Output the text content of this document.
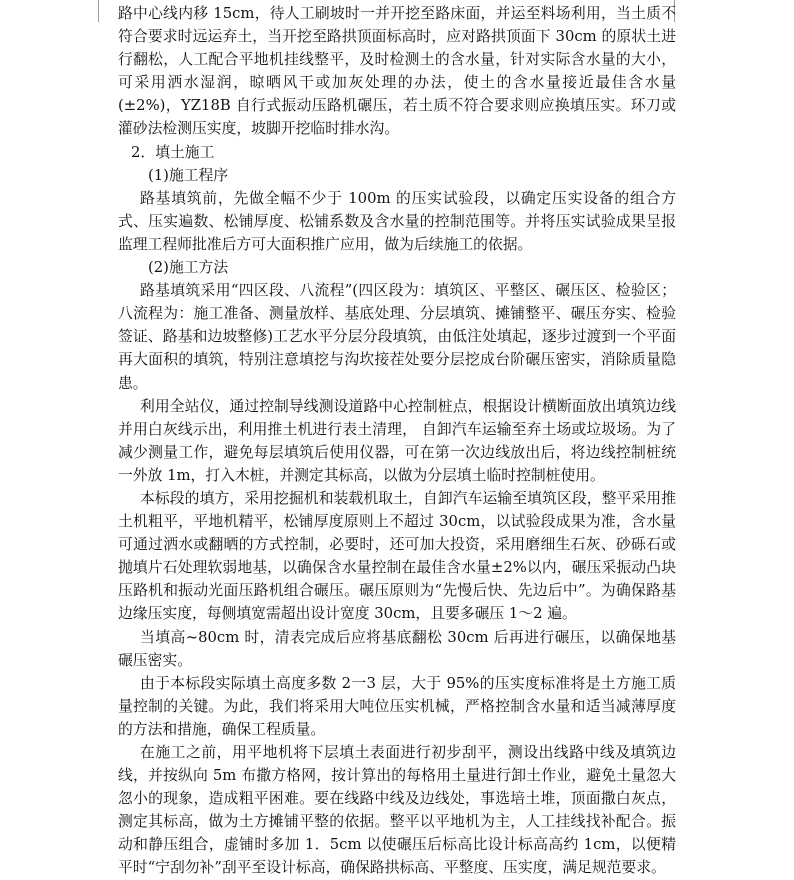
路中心线内移 15cm，待人工刷坡时一并开挖至路床面，并运至料场利用，当土质不符合要求时远运弃土，当开挖至路拱顶面标高时，应对路拱顶面下 30cm 的原状土进行翻松，人工配合平地机挂线整平，及时检测土的含水量，针对实际含水量的大小，可采用洒水湿润，晾晒风干或加灰处理的办法，使土的含水量接近最佳含水量(±2%)，YZ18B 自行式振动压路机碾压，若土质不符合要求则应换填压实。环刀或灌砂法检测压实度，坡脚开挖临时排水沟。

2．填土施工

(1)施工程序

路基填筑前，先做全幅不少于 100m 的压实试验段，以确定压实设备的组合方式、压实遍数、松铺厚度、松铺系数及含水量的控制范围等。并将压实试验成果呈报监理工程师批准后方可大面积推广应用，做为后续施工的依据。

(2)施工方法

路基填筑采用“四区段、八流程”(四区段为：填筑区、平整区、碾压区、检验区；八流程为：施工准备、测量放样、基底处理、分层填筑、摊铺整平、碾压夯实、检验签证、路基和边坡整修)工艺水平分层分段填筑，由低注处填起，逐步过渡到一个平面再大面积的填筑，特别注意填挖与沟坎接茬处要分层挖成台阶碾压密实，消除质量隐患。

利用全站仪，通过控制导线测设道路中心控制桩点，根据设计横断面放出填筑边线并用白灰线示出，利用推土机进行表土清理， 自卸汽车运输至弃土场或垃圾场。为了减少测量工作，避免每层填筑后使用仪器，可在第一次边线放出后，将边线控制桩统一外放 1m，打入木桩，并测定其标高，以做为分层填土临时控制桩使用。

本标段的填方，采用挖掘机和装载机取土，自卸汽车运输至填筑区段，整平采用推土机粗平，平地机精平，松铺厚度原则上不超过 30cm，以试验段成果为准，含水量可通过洒水或翻晒的方式控制，必要时，还可加大投资，采用磨细生石灰、砂砾石或抛填片石处理软弱地基，以确保含水量控制在最佳含水量±2%以内，碾压采振动凸块压路机和振动光面压路机组合碾压。碾压原则为“先慢后快、先边后中”。为确保路基边缘压实度，每侧填宽需超出设计宽度 30cm，且要多碾压 1～2 遍。

当填高~80cm 时，清表完成后应将基底翻松 30cm 后再进行碾压，以确保地基碾压密实。

由于本标段实际填土高度多数 2一3 层，大于 95%的压实度标准将是土方施工质量控制的关键。为此，我们将采用大吨位压实机械，严格控制含水量和适当减薄厚度的方法和措施，确保工程质量。

在施工之前，用平地机将下层填土表面进行初步刮平，测设出线路中线及填筑边线，并按纵向 5m 布撒方格网，按计算出的每格用土量进行卸土作业，避免土量忽大忽小的现象，造成粗平困难。要在线路中线及边线处，事选培土堆，顶面撒白灰点，测定其标高，做为土方摊铺平整的依据。整平以平地机为主，人工挂线找补配合。振动和静压组合，虚铺时多加 1．5cm 以使碾压后标高比设计标高高约 1cm，以便精平时“宁刮勿补”刮平至设计标高，确保路拱标高、平整度、压实度，满足规范要求。
